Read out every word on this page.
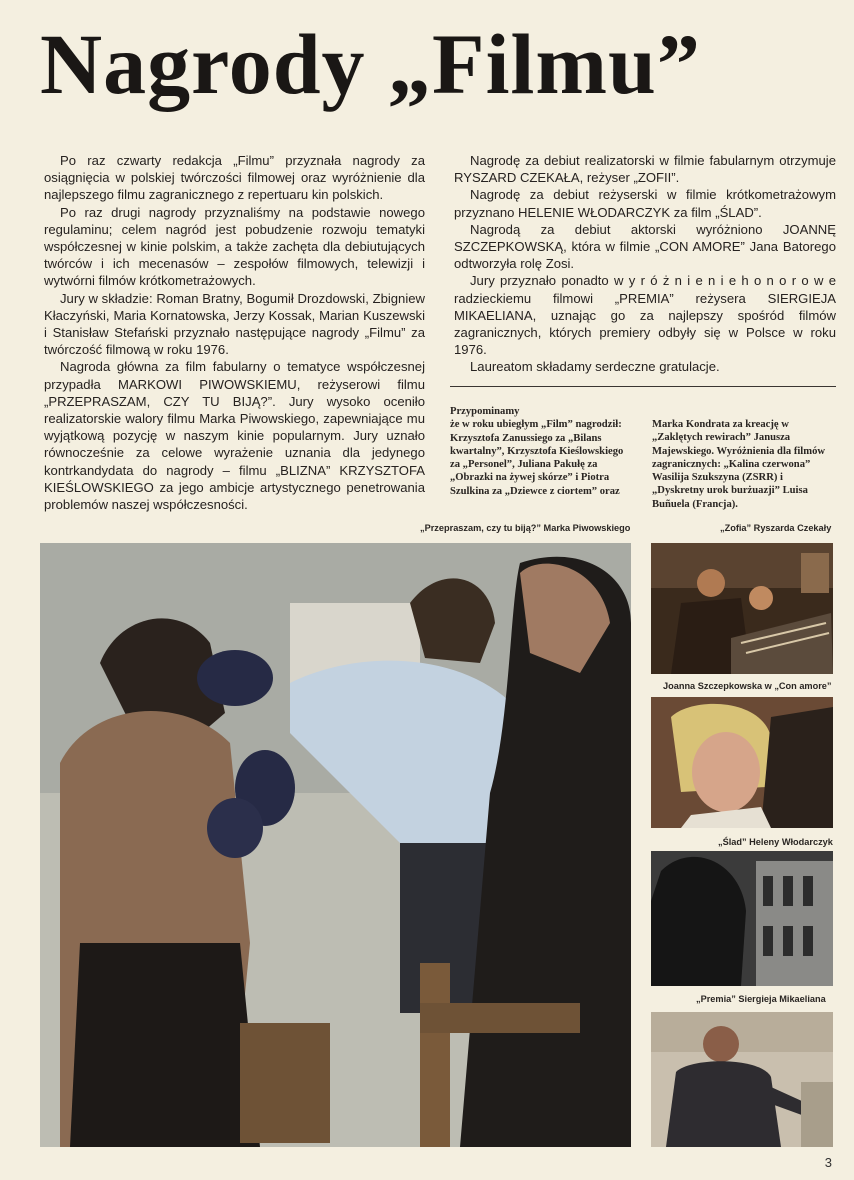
Nagrody „Filmu”

Po raz czwarty redakcja „Filmu” przyznała nagrody za osiągnięcia w polskiej twórczości filmowej oraz wyróżnienie dla najlepszego filmu zagranicznego z repertuaru kin polskich.

Po raz drugi nagrody przyznaliśmy na podstawie nowego regulaminu; celem nagród jest pobudzenie rozwoju tematyki współczesnej w kinie polskim, a także zachęta dla debiutujących twórców i ich mecenasów – zespołów filmowych, telewizji i wytwórni filmów krótkometrażowych.

Jury w składzie: Roman Bratny, Bogumił Drozdowski, Zbigniew Kłaczyński, Maria Kornatowska, Jerzy Kossak, Marian Kuszewski i Stanisław Stefański przyznało następujące nagrody „Filmu” za twórczość filmową w roku 1976.

Nagroda główna za film fabularny o tematyce współczesnej przypadła MARKOWI PIWOWSKIEMU, reżyserowi filmu „PRZEPRASZAM, CZY TU BIJĄ?”. Jury wysoko oceniło realizatorskie walory filmu Marka Piwowskiego, zapewniające mu wyjątkową pozycję w naszym kinie popularnym. Jury uznało równocześnie za celowe wyrażenie uznania dla jedynego kontrkandydata do nagrody – filmu „BLIZNA” KRZYSZTOFA KIEŚLOWSKIEGO za jego ambicje artystycznego penetrowania problemów naszej współczesności.

Nagrodę za debiut realizatorski w filmie fabularnym otrzymuje RYSZARD CZEKAŁA, reżyser „ZOFII”.

Nagrodę za debiut reżyserski w filmie krótkometrażowym przyznano HELENIE WŁODARCZYK za film „ŚLAD”.

Nagrodą za debiut aktorski wyróżniono JOANNĘ SZCZEPKOWSKĄ, która w filmie „CON AMORE” Jana Batorego odtworzyła rolę Zosi.

Jury przyznało ponadto w y r ó ż n i e n i e h o n o r o w e radzieckiemu filmowi „PREMIA” reżysera SIERGIEJA MIKAELIANA, uznając go za najlepszy spośród filmów zagranicznych, których premiery odbyły się w Polsce w roku 1976.

Laureatom składamy serdeczne gratulacje.

Przypominamy
że w roku ubiegłym „Film” nagrodził: Krzysztofa Zanussiego za „Bilans kwartalny”, Krzysztofa Kieślowskiego za „Personel”, Juliana Pakułę za „Obrazki na żywej skórze” i Piotra Szulkina za „Dziewce z ciortem” oraz
Marka Kondrata za kreację w „Zaklętych rewirach” Janusza Majewskiego. Wyróżnienia dla filmów zagranicznych: „Kalina czerwona” Wasilija Szukszyna (ZSRR) i „Dyskretny urok burżuazji” Luisa Buñuela (Francja).
„Przepraszam, czy tu biją?” Marka Piwowskiego	„Zofia” Ryszarda Czekały
Joanna Szczepkowska w „Con amore”
„Ślad” Heleny Włodarczyk
„Premia” Siergieja Mikaeliana
3
